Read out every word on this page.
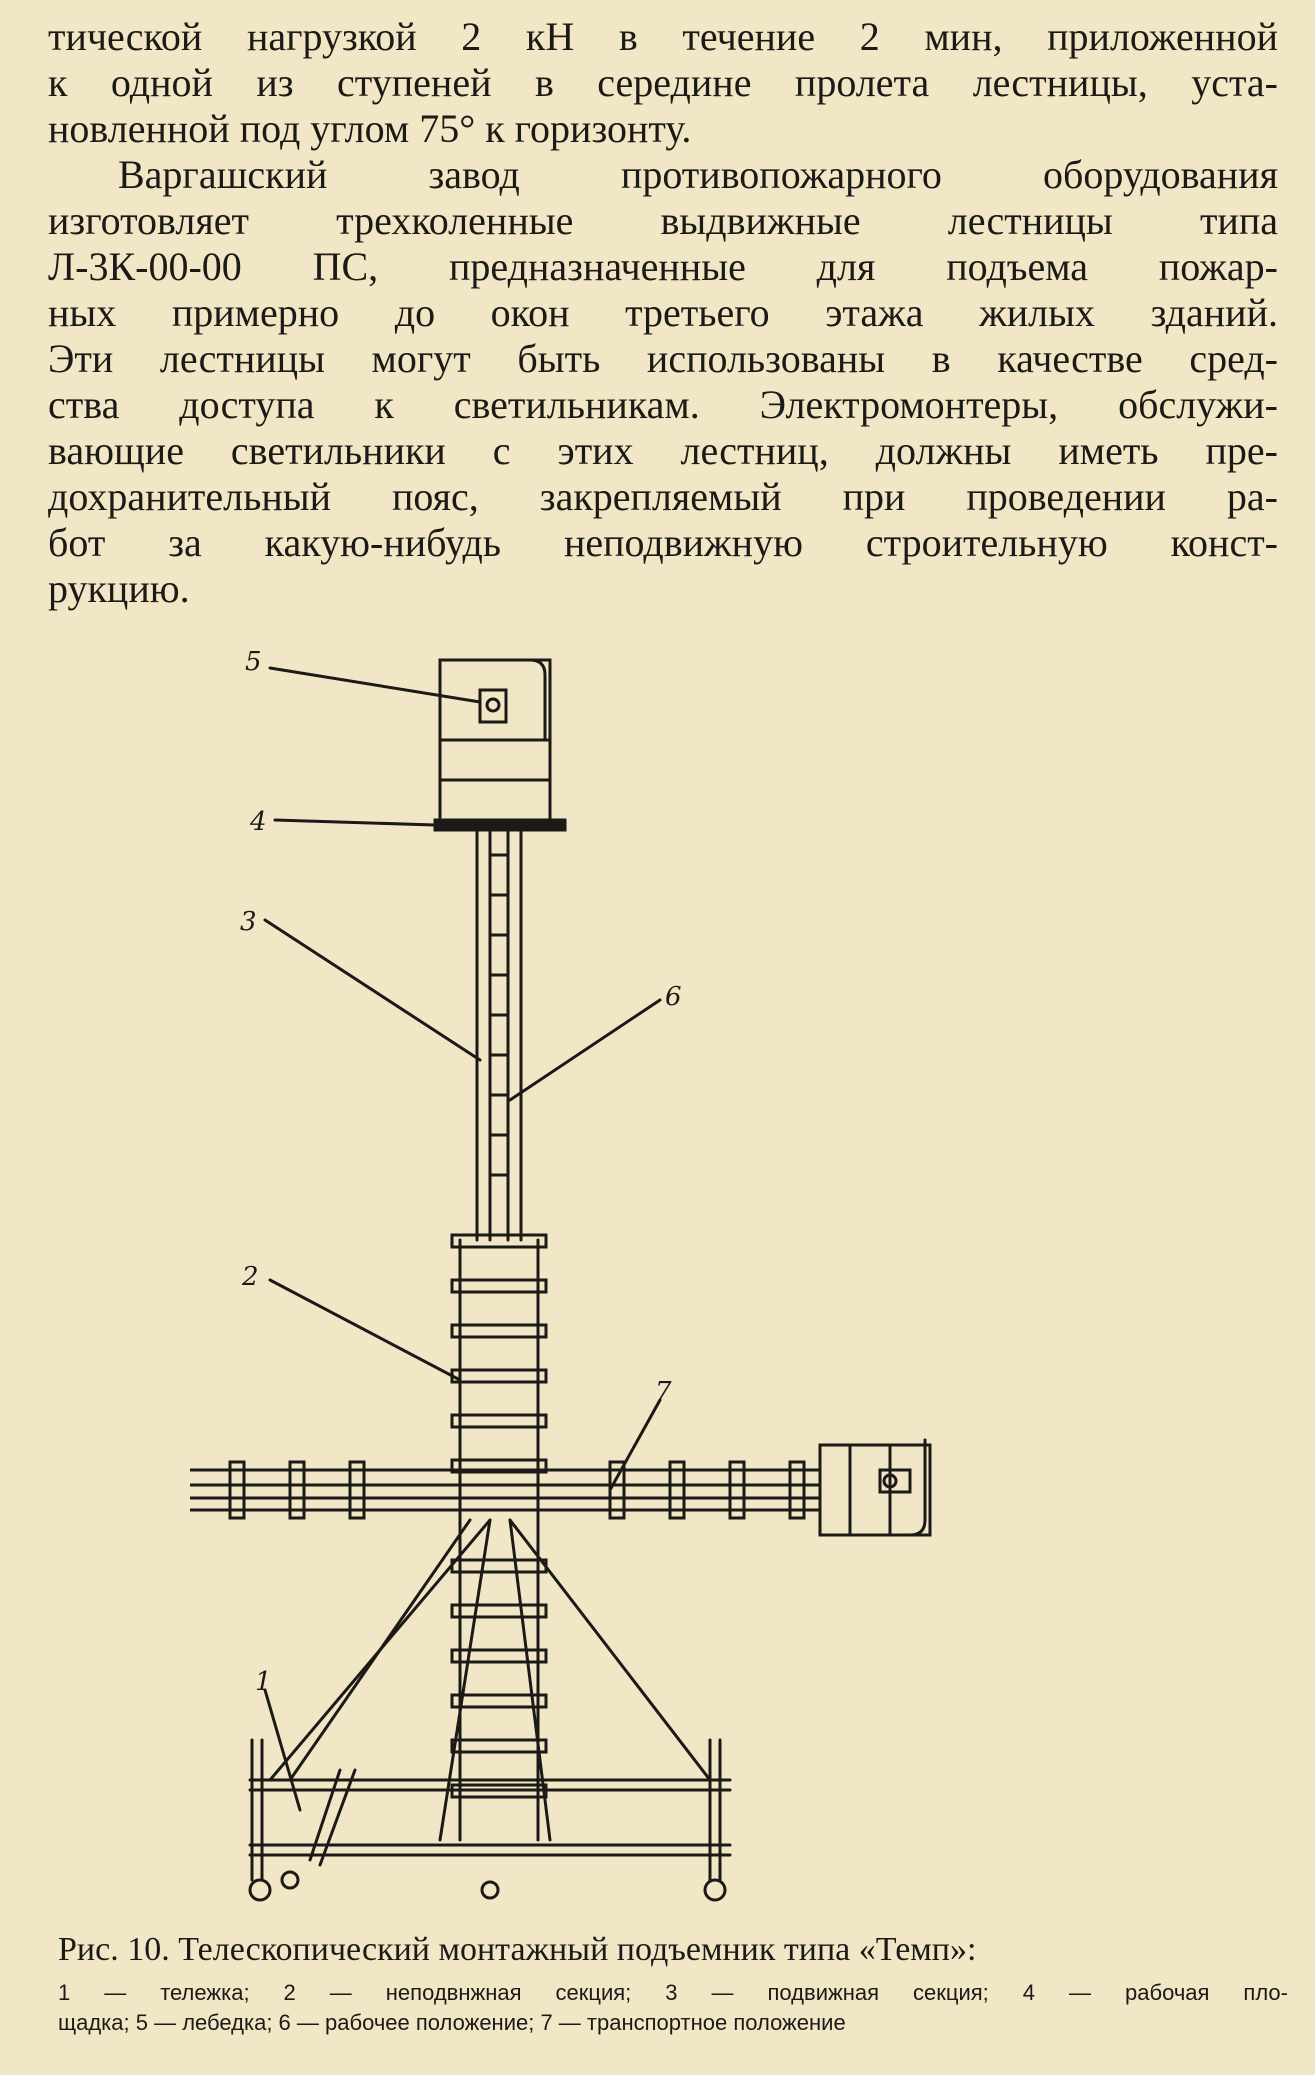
тической нагрузкой 2 кН в течение 2 мин, приложенной
к одной из ступеней в середине пролета лестницы, уста-
новленной под углом 75° к горизонту.
Варгашский завод противопожарного оборудования
изготовляет трехколенные выдвижные лестницы типа
Л-3К-00-00 ПС, предназначенные для подъема пожар-
ных примерно до окон третьего этажа жилых зданий.
Эти лестницы могут быть использованы в качестве сред-
ства доступа к светильникам. Электромонтеры, обслужи-
вающие светильники с этих лестниц, должны иметь пре-
дохранительный пояс, закрепляемый при проведении ра-
бот за какую-нибудь неподвижную строительную конст-
рукцию.
5
4
3
6
2
7
1

Рис. 10. Телескопический монтажный подъемник типа «Темп»:

1 — тележка; 2 — неподвнжная секция; 3 — подвижная секция; 4 — рабочая пло-
щадка; 5 — лебедка; 6 — рабочее положение; 7 — транспортное положение
